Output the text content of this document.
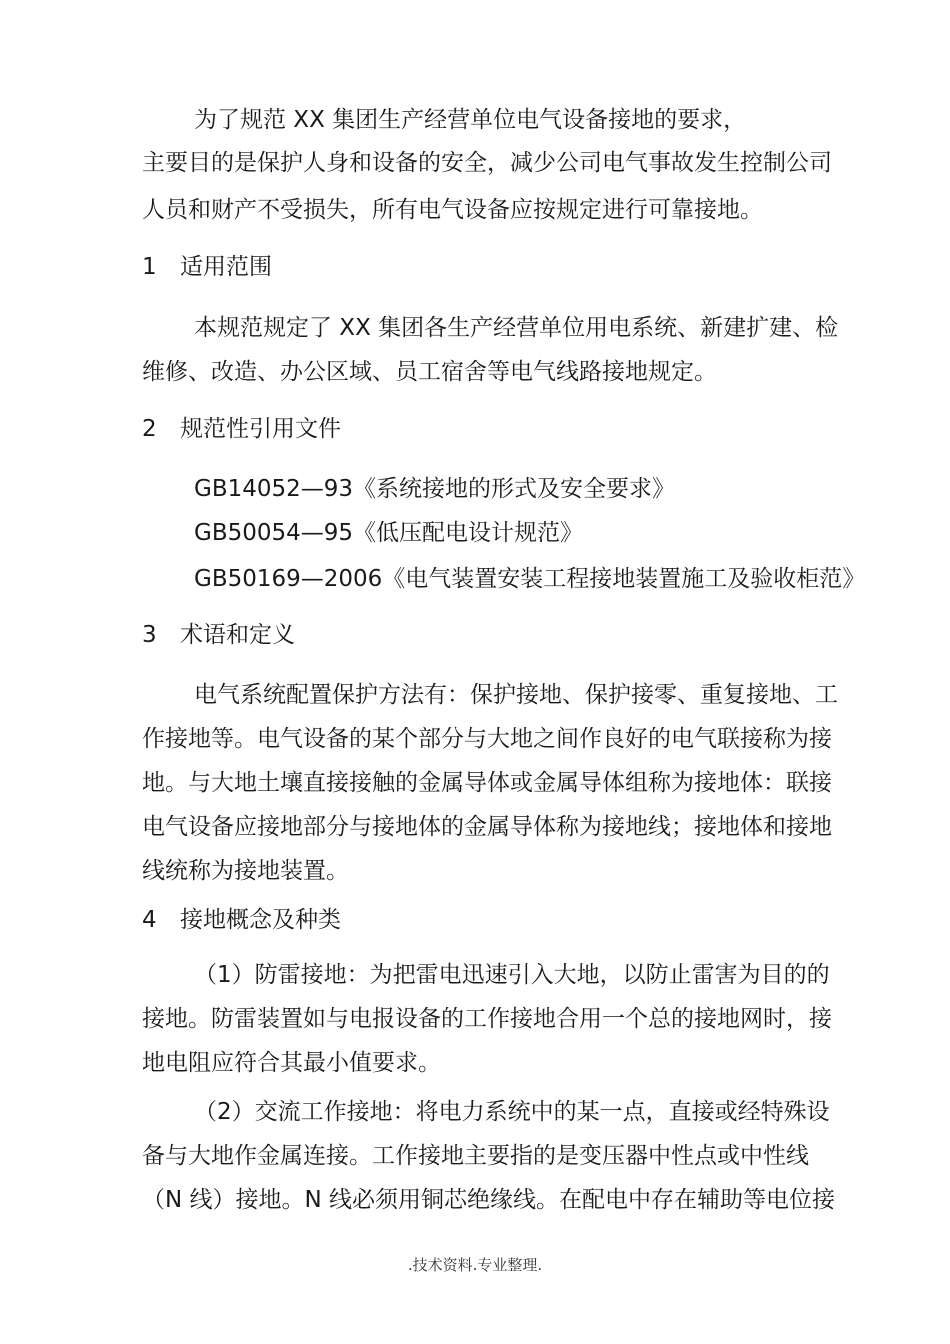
为了规范 XX 集团生产经营单位电气设备接地的要求，
主要目的是保护人身和设备的安全，减少公司电气事故发生控制公司
人员和财产不受损失，所有电气设备应按规定进行可靠接地。
1 适用范围
本规范规定了 XX 集团各生产经营单位用电系统、新建扩建、检
维修、改造、办公区域、员工宿舍等电气线路接地规定。
2 规范性引用文件
GB14052—93《系统接地的形式及安全要求》
GB50054—95《低压配电设计规范》
GB50169—2006《电气装置安装工程接地装置施工及验收柜范》
3 术语和定义
电气系统配置保护方法有：保护接地、保护接零、重复接地、工
作接地等。电气设备的某个部分与大地之间作良好的电气联接称为接
地。与大地土壤直接接触的金属导体或金属导体组称为接地体：联接
电气设备应接地部分与接地体的金属导体称为接地线；接地体和接地
线统称为接地装置。
4 接地概念及种类
（1）防雷接地：为把雷电迅速引入大地，以防止雷害为目的的
接地。防雷装置如与电报设备的工作接地合用一个总的接地网时，接
地电阻应符合其最小值要求。
（2）交流工作接地：将电力系统中的某一点，直接或经特殊设
备与大地作金属连接。工作接地主要指的是变压器中性点或中性线
（N 线）接地。N 线必须用铜芯绝缘线。在配电中存在辅助等电位接
.技术资料.专业整理.
